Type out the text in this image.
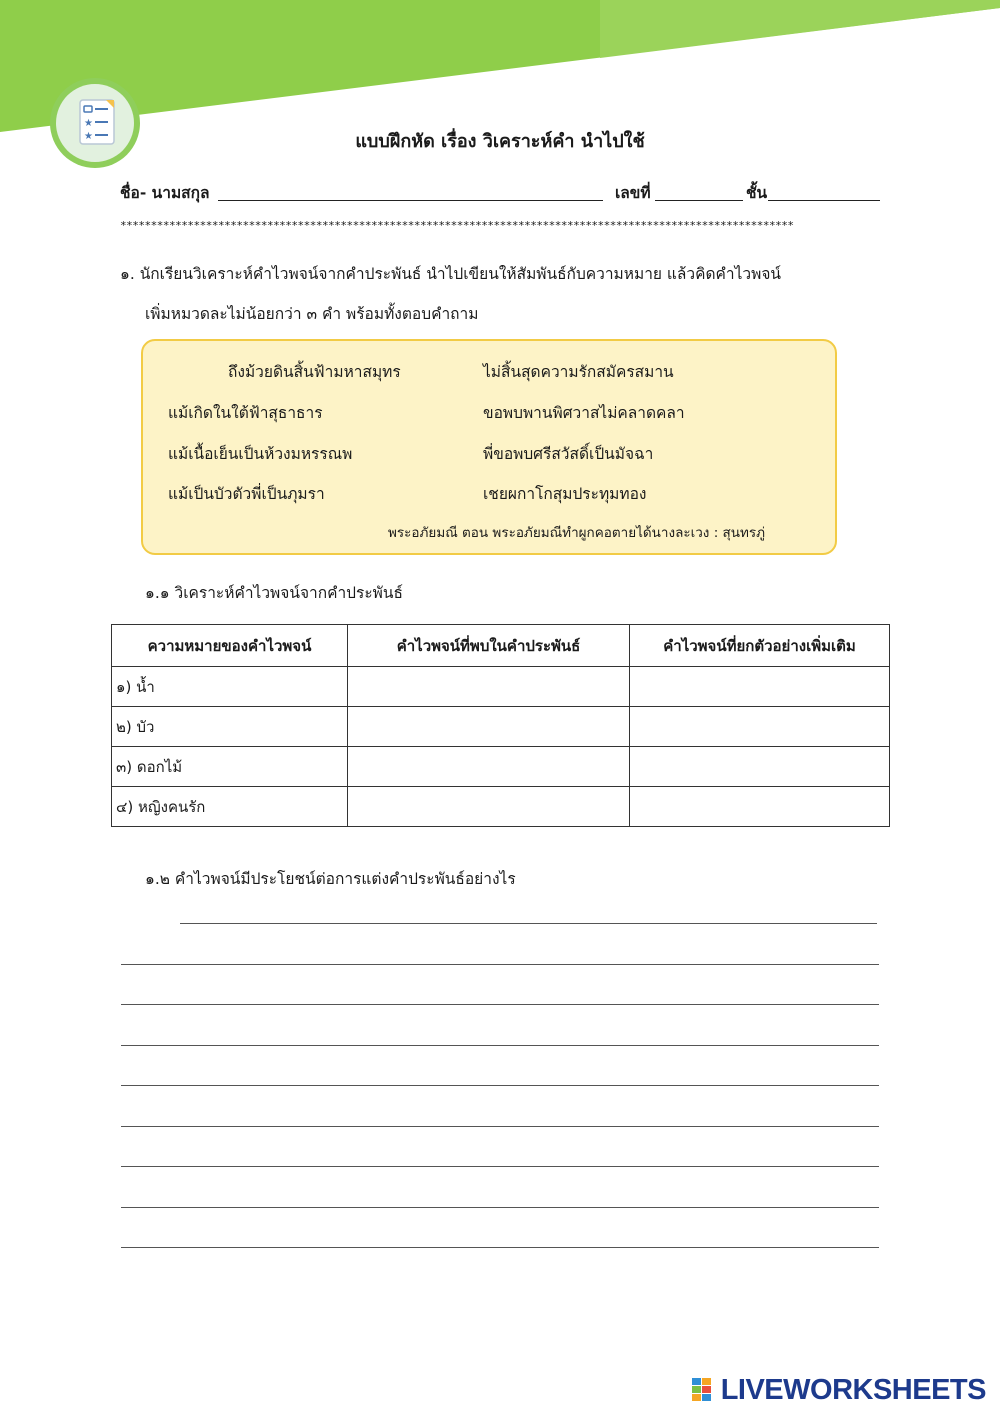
★
★	แบบฝึกหัด เรื่อง วิเคราะห์คำ นำไปใช้
ชื่อ- นามสกุล	เลขที่	ชั้น
**************************************************************************************************************
๑. นักเรียนวิเคราะห์คำไวพจน์จากคำประพันธ์ นำไปเขียนให้สัมพันธ์กับความหมาย แล้วคิดคำไวพจน์
เพิ่มหมวดละไม่น้อยกว่า ๓ คำ พร้อมทั้งตอบคำถาม
ถึงม้วยดินสิ้นฟ้ามหาสมุทร	ไม่สิ้นสุดความรักสมัครสมาน
แม้เกิดในใต้ฟ้าสุธาธาร	ขอพบพานพิศวาสไม่คลาดคลา
แม้เนื้อเย็นเป็นห้วงมหรรณพ	พี่ขอพบศรีสวัสดิ์เป็นมัจฉา
แม้เป็นบัวตัวพี่เป็นภุมรา	เชยผกาโกสุมประทุมทอง
พระอภัยมณี ตอน พระอภัยมณีทำผูกคอตายได้นางละเวง : สุนทรภู่
๑.๑ วิเคราะห์คำไวพจน์จากคำประพันธ์
ความหมายของคำไวพจน์	คำไวพจน์ที่พบในคำประพันธ์	คำไวพจน์ที่ยกตัวอย่างเพิ่มเติม
๑) น้ำ		
๒) บัว		
๓) ดอกไม้		
๔) หญิงคนรัก		
๑.๒ คำไวพจน์มีประโยชน์ต่อการแต่งคำประพันธ์อย่างไร
LIVEWORKSHEETS
